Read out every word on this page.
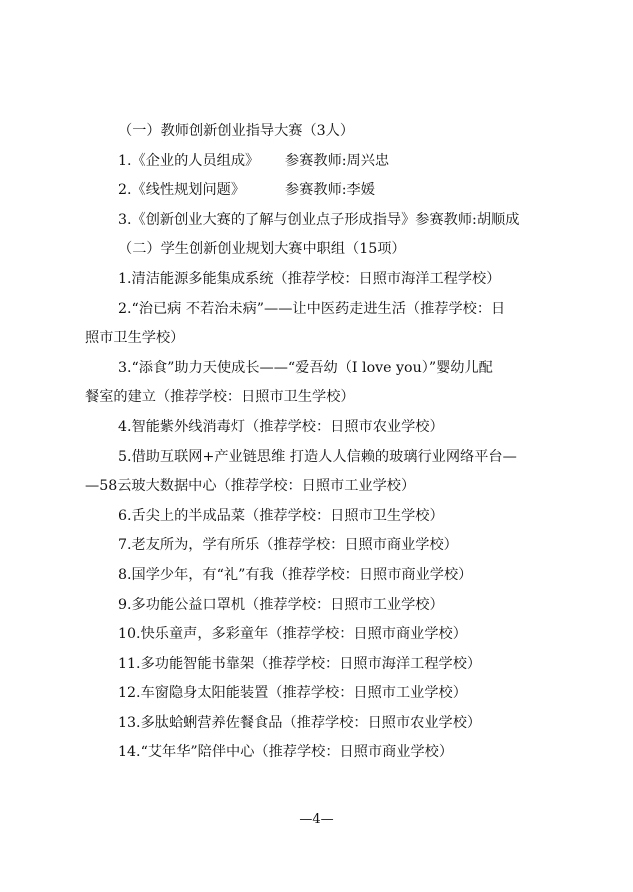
（一）教师创新创业指导大赛（3人）
1.《企业的人员组成》　　 参赛教师:周兴忠
2.《线性规划问题》　　　 参赛教师:李媛
3.《创新创业大赛的了解与创业点子形成指导》参赛教师:胡顺成
（二）学生创新创业规划大赛中职组（15项）
1.清洁能源多能集成系统（推荐学校：日照市海洋工程学校）
2.“治已病 不若治未病”——让中医药走进生活（推荐学校：日
照市卫生学校）
3.“添食”助力天使成长——“爱吾幼（I love you）”婴幼儿配
餐室的建立（推荐学校：日照市卫生学校）
4.智能紫外线消毒灯（推荐学校：日照市农业学校）
5.借助互联网+产业链思维 打造人人信赖的玻璃行业网络平台—
—58云玻大数据中心（推荐学校：日照市工业学校）
6.舌尖上的半成品菜（推荐学校：日照市卫生学校）
7.老友所为，学有所乐（推荐学校：日照市商业学校）
8.国学少年，有“礼”有我（推荐学校：日照市商业学校）
9.多功能公益口罩机（推荐学校：日照市工业学校）
10.快乐童声，多彩童年（推荐学校：日照市商业学校）
11.多功能智能书靠架（推荐学校：日照市海洋工程学校）
12.车窗隐身太阳能装置（推荐学校：日照市工业学校）
13.多肽蛤蜊营养佐餐食品（推荐学校：日照市农业学校）
14.“艾年华”陪伴中心（推荐学校：日照市商业学校）
—4—
